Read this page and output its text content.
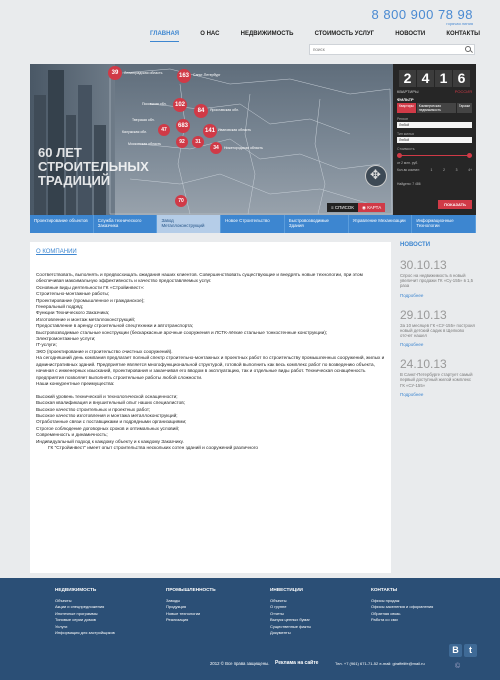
8 800 900 78 98
горячая линия
ГЛАВНАЯ	О НАС	НЕДВИЖИМОСТЬ	СТОИМОСТЬ УСЛУГ	НОВОСТИ	КОНТАКТЫ
поиск
60 ЛЕТ
СТРОИТЕЛЬНЫХ
ТРАДИЦИЙ
39	163
102
84
47
683
141
92	31
34
70
Ленинградская область	Санкт-Петербург
Псковская обл.
Ярославская обл.
Тверская обл.
Калужская обл.	Ивановская область
Московская область
Нижегородская область
✥
≡ СПИСОК ◉ КАРТА
2 4 1 6
КВАРТИРЫ	РОССИЯ
ФИЛЬТР
Квартиры	Коммерческая недвижимость
Гаражи
Регион
Любой
Тип жилья
Любой
Стоимость
от 2 млн. руб.
Кол-во комнат:	1	2	3	4+
Найдено: 7 486
ПОКАЗАТЬ
Проектирование объектов	Служба технического Заказчика
Завод Металлоконструкций
Новое Строительство	Быстровозводимые Здания
Управление Механизации	Информационные Технологии
О КОМПАНИИ

Соответствовать, выполнять и предвосхищать ожидания наших клиентов. Совершенствовать существующие и внедрять новые технологии, при этом обеспечивая максимальную эффективность и качество предоставляемых услуг.

Основные виды деятельности ГК «Стройинвест»:

Строительно-монтажные работы;

Проектирование (промышленное и гражданское);

Генеральный подряд;

Функции Технического Заказчика;

Изготовление и монтаж металлоконструкций;

Предоставление в аренду строительной спецтехники и автотранспорта;

Быстровозводимые стальные конструкции (бескаркасные арочные сооружения и ЛСТК-лёгкие стальные тонкостенные конструкции);

Электромонтажные услуги;

IT-услуги;

ЭКО (проектирование и строительство очистных сооружений).

На сегодняшний день компания предлагает полный спектр строительно-монтажных и проектных работ по строительству промышленных сооружений, жилых и административных зданий. Предприятие является многофункциональной структурой, готовой выполнить как весь комплекс работ по возведению объекта, начиная с инженерных изысканий, проектирования и заканчивая его вводом в эксплуатацию, так и отдельные виды работ. Техническая оснащённость предприятия позволяет выполнять строительные работы любой сложности.

Наши конкурентные преимущества:

Высокий уровень технической и технологической оснащенности;

Высокая квалификация и внушительный опыт наших специалистов;

Высокое качество строительных и проектных работ;

Высокое качество изготовления и монтажа металлоконструкций;

Отработанные связи с поставщиками и подрядными организациями;

Строгое соблюдение договорных сроков и оптимальных условий;

Современность и динамичность;

Индивидуальный подход к каждому объекту и к каждому Заказчику.

ГК "Стройинвест" имеет опыт строительства нескольких сотен зданий и сооружений различного

НОВОСТИ
30.10.13
Спрос на недвижимость в новый увеличит продажи ГК «Су-155» в 1,5 раза
Подробнее
29.10.13
За 10 месяцев ГК «СУ-155» построил новый детский садик в Щелково отсчет нашел
Подробнее
24.10.13
В Санкт-Петербурге стартует самый первый доступный жилой комплекс ГК «СУ-155»
Подробнее
НЕДВИЖИМОСТЬ
Объекты
Акции и спецпредложения
Ипотечные программы
Типовые серии домов
Услуги
Информация для застройщиков
ПРОМЫШЛЕННОСТЬ
Заводы
Продукция
Новые технологии
Реализация
ИНВЕСТИЦИИ
Объекты
О группе
Отчеты
Выпуск ценных бумаг
Существенные факты
Документы
КОНТАКТЫ
Офисы продаж
Офисы заселения и оформления
Обратная связь
Работа со сми
B	t
2012 © Все права защищены. Реклама на сайте	Тел. +7 (961) 671-71-52 e-mail: giraffelife@mail.ru	©
